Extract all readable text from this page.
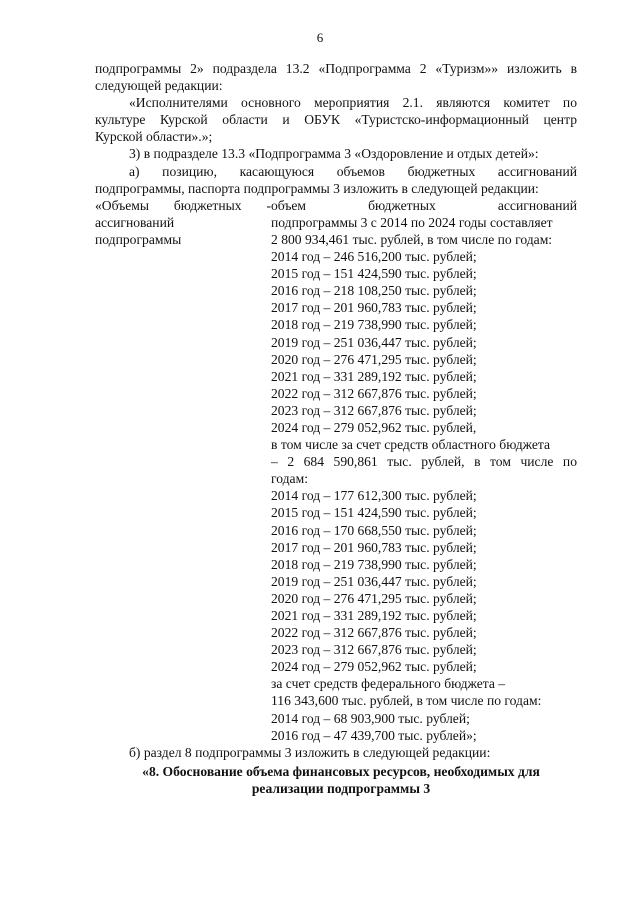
6

подпрограммы 2» подраздела 13.2 «Подпрограмма 2 «Туризм»» изложить в

следующей редакции:

«Исполнителями основного мероприятия 2.1. являются комитет по

культуре Курской области и ОБУК «Туристско-информационный центр

Курской области».»;

3) в подразделе 13.3 «Подпрограмма 3 «Оздоровление и отдых детей»:

а) позицию, касающуюся объемов бюджетных ассигнований

подпрограммы, паспорта подпрограммы 3 изложить в следующей редакции:

«Объемы бюджетных -

ассигнований

подпрограммы

объем бюджетных ассигнований

подпрограммы 3 с 2014 по 2024 годы составляет

2 800 934,461 тыс. рублей, в том числе по годам:

2014 год – 246 516,200 тыс. рублей;

2015 год – 151 424,590 тыс. рублей;

2016 год – 218 108,250 тыс. рублей;

2017 год – 201 960,783 тыс. рублей;

2018 год – 219 738,990 тыс. рублей;

2019 год – 251 036,447 тыс. рублей;

2020 год – 276 471,295 тыс. рублей;

2021 год – 331 289,192 тыс. рублей;

2022 год – 312 667,876 тыс. рублей;

2023 год – 312 667,876 тыс. рублей;

2024 год – 279 052,962 тыс. рублей,

в том числе за счет средств областного бюджета

– 2 684 590,861 тыс. рублей, в том числе по

годам:

2014 год – 177 612,300 тыс. рублей;

2015 год – 151 424,590 тыс. рублей;

2016 год – 170 668,550 тыс. рублей;

2017 год – 201 960,783 тыс. рублей;

2018 год – 219 738,990 тыс. рублей;

2019 год – 251 036,447 тыс. рублей;

2020 год – 276 471,295 тыс. рублей;

2021 год – 331 289,192 тыс. рублей;

2022 год – 312 667,876 тыс. рублей;

2023 год – 312 667,876 тыс. рублей;

2024 год – 279 052,962 тыс. рублей;

за счет средств федерального бюджета –

116 343,600 тыс. рублей, в том числе по годам:

2014 год – 68 903,900 тыс. рублей;

2016 год – 47 439,700 тыс. рублей»;

б) раздел 8 подпрограммы 3 изложить в следующей редакции:

«8. Обоснование объема финансовых ресурсов, необходимых для

реализации подпрограммы 3
